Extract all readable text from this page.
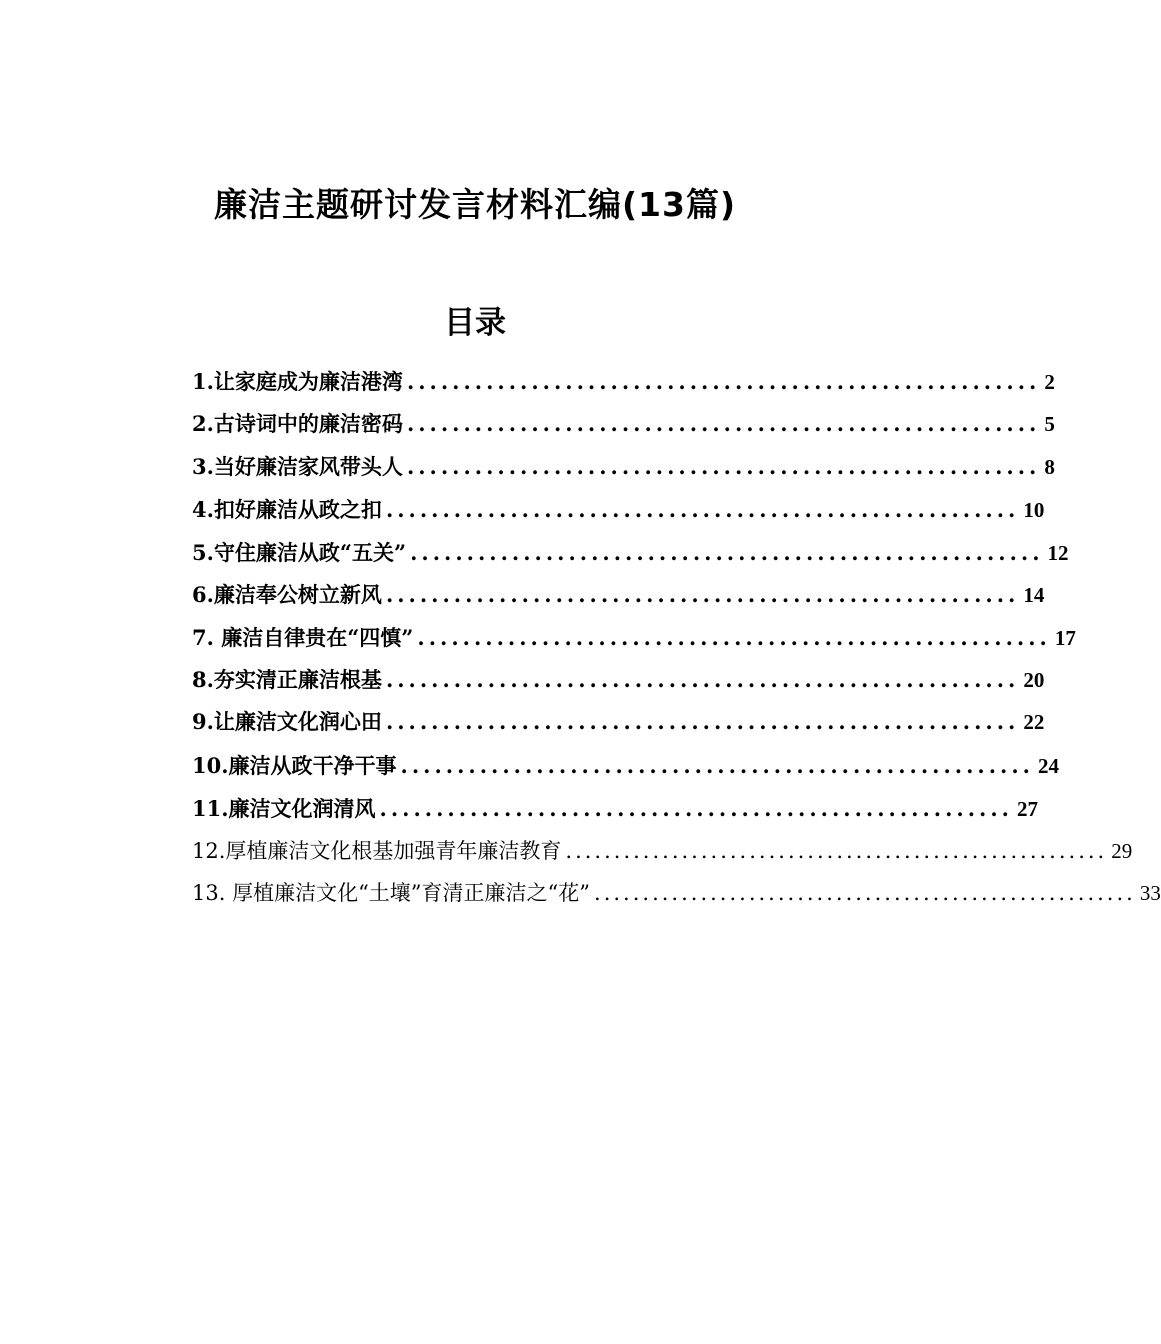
廉洁主题研讨发言材料汇编(13篇)
目录
1.让家庭成为廉洁港湾 ........................................................ 2
2.古诗词中的廉洁密码 ........................................................ 5
3.当好廉洁家风带头人 ........................................................ 8
4.扣好廉洁从政之扣 ........................................................ 10
5.守住廉洁从政“五关” ........................................................ 12
6.廉洁奉公树立新风 ........................................................ 14
7. 廉洁自律贵在“四慎” ........................................................ 17
8.夯实清正廉洁根基 ........................................................ 20
9.让廉洁文化润心田 ........................................................ 22
10.廉洁从政干净干事 ........................................................ 24
11.廉洁文化润清风 ........................................................ 27
12.厚植廉洁文化根基加强青年廉洁教育 ........................................................ 29
13. 厚植廉洁文化“土壤”育清正廉洁之“花” ........................................................ 33
